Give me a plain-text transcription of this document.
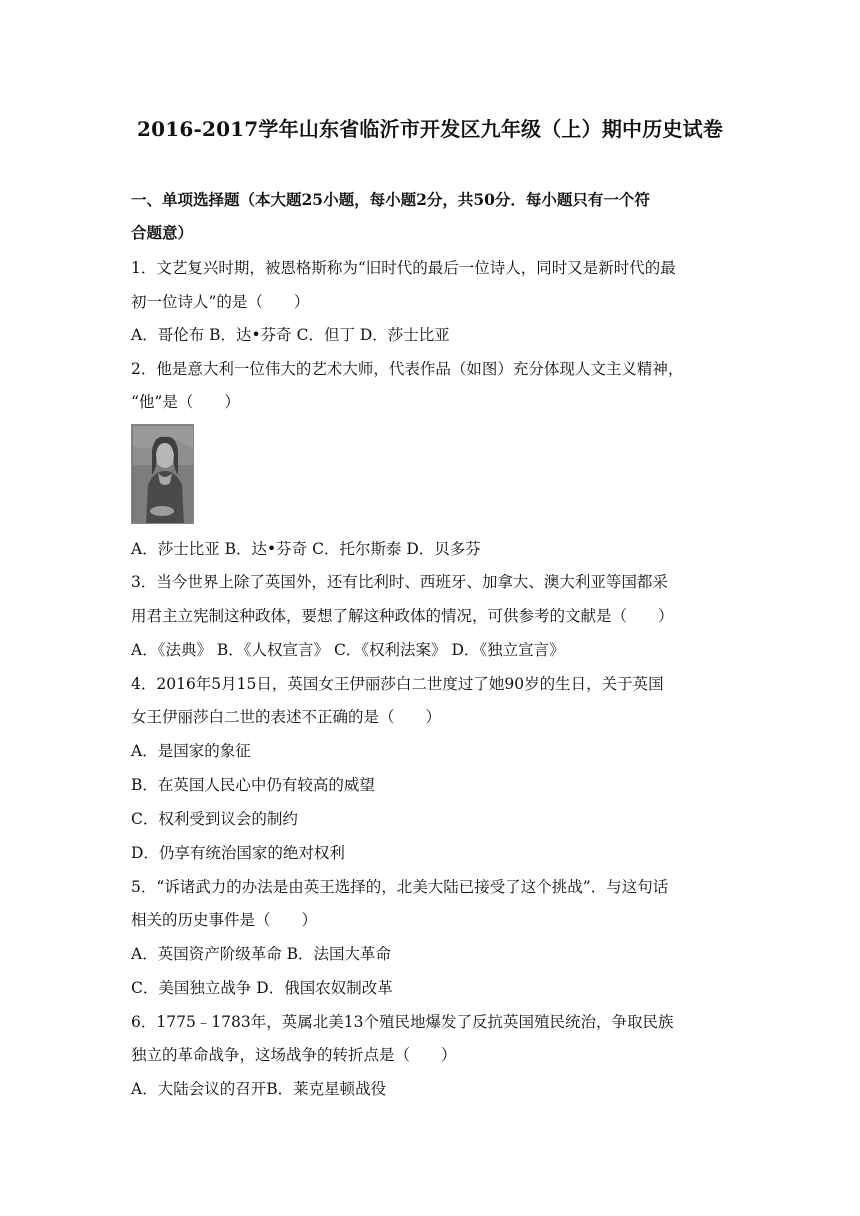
2016-2017学年山东省临沂市开发区九年级（上）期中历史试卷
一、单项选择题（本大题25小题，每小题2分，共50分．每小题只有一个符
合题意）
1．文艺复兴时期，被恩格斯称为“旧时代的最后一位诗人，同时又是新时代的最
初一位诗人”的是（　　）
A．哥伦布 B．达•芬奇 C．但丁 D．莎士比亚
2．他是意大利一位伟大的艺术大师，代表作品（如图）充分体现人文主义精神，
“他”是（　　）
A．莎士比亚 B．达•芬奇 C．托尔斯泰 D．贝多芬
3．当今世界上除了英国外，还有比利时、西班牙、加拿大、澳大利亚等国都采
用君主立宪制这种政体，要想了解这种政体的情况，可供参考的文献是（　　）
A．《法典》 B．《人权宣言》 C．《权利法案》 D．《独立宣言》
4．2016年5月15日，英国女王伊丽莎白二世度过了她90岁的生日，关于英国
女王伊丽莎白二世的表述不正确的是（　　）
A．是国家的象征
B．在英国人民心中仍有较高的威望
C．权利受到议会的制约
D．仍享有统治国家的绝对权利
5．“诉诸武力的办法是由英王选择的，北美大陆已接受了这个挑战”．与这句话
相关的历史事件是（　　）
A．英国资产阶级革命 B．法国大革命
C．美国独立战争 D．俄国农奴制改革
6．1775﹣1783年，英属北美13个殖民地爆发了反抗英国殖民统治，争取民族
独立的革命战争，这场战争的转折点是（　　）
A．大陆会议的召开B．莱克星顿战役
